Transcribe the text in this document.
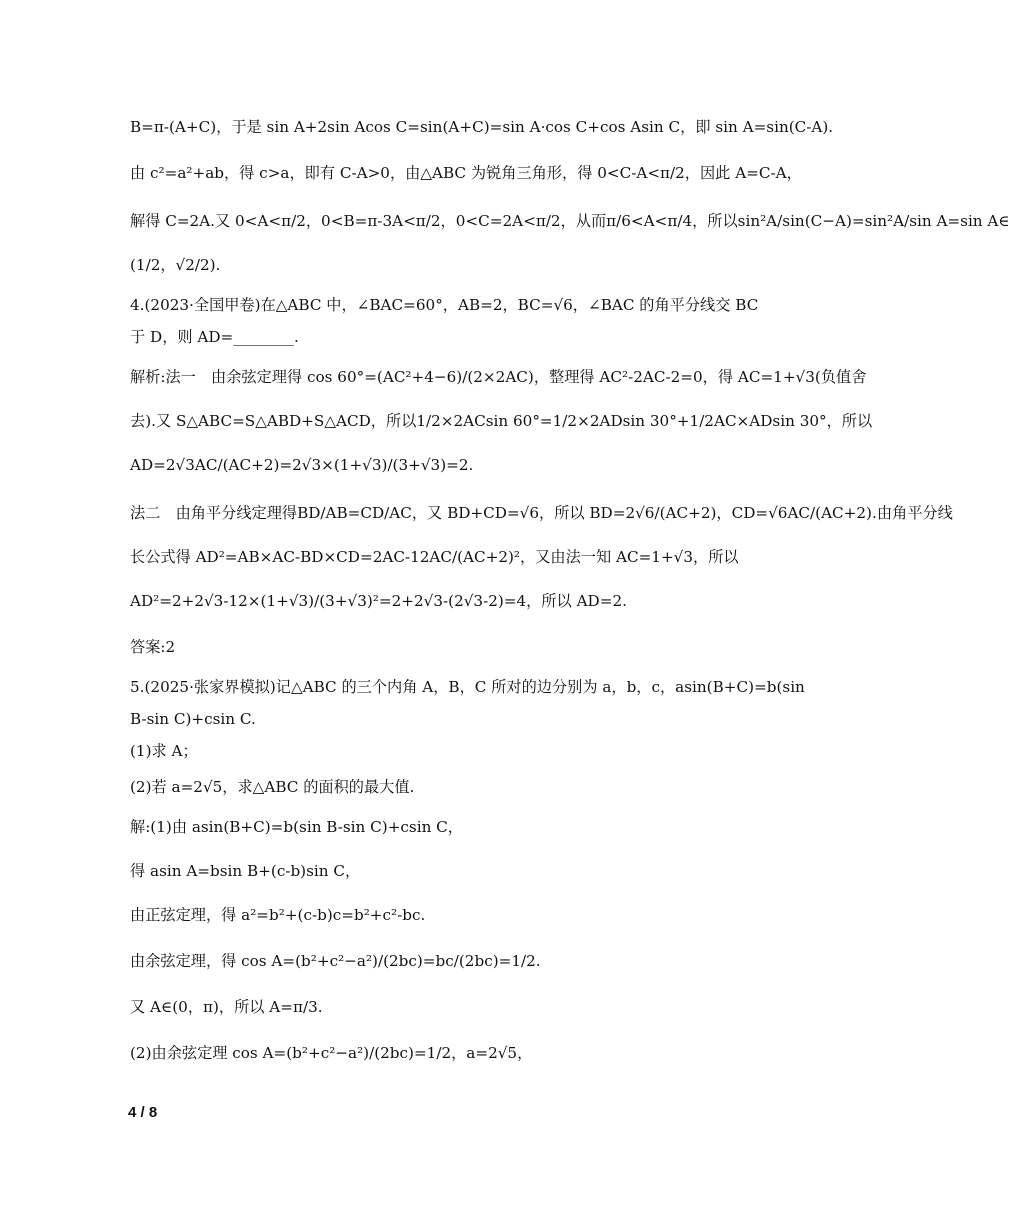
B=π-(A+C)，于是 sin A+2sin Acos C=sin(A+C)=sin A·cos C+cos Asin C，即 sin A=sin(C-A).
由 c²=a²+ab，得 c>a，即有 C-A>0，由△ABC 为锐角三角形，得 0<C-A<π/2，因此 A=C-A，
解得 C=2A.又 0<A<π/2，0<B=π-3A<π/2，0<C=2A<π/2，从而π/6<A<π/4，所以sin²A/sin(C−A)=sin²A/sin A=sin A∈
(1/2，√2/2).
4.(2023·全国甲卷)在△ABC 中，∠BAC=60°，AB=2，BC=√6，∠BAC 的角平分线交 BC
于 D，则 AD=________.
解析:法一　由余弦定理得 cos 60°=(AC²+4−6)/(2×2AC)，整理得 AC²-2AC-2=0，得 AC=1+√3(负值舍
去).又 S△ABC=S△ABD+S△ACD，所以1/2×2ACsin 60°=1/2×2ADsin 30°+1/2AC×ADsin 30°，所以
AD=2√3AC/(AC+2)=2√3×(1+√3)/(3+√3)=2.
法二　由角平分线定理得BD/AB=CD/AC，又 BD+CD=√6，所以 BD=2√6/(AC+2)，CD=√6AC/(AC+2).由角平分线
长公式得 AD²=AB×AC-BD×CD=2AC-12AC/(AC+2)²，又由法一知 AC=1+√3，所以
AD²=2+2√3-12×(1+√3)/(3+√3)²=2+2√3-(2√3-2)=4，所以 AD=2.
答案:2
5.(2025·张家界模拟)记△ABC 的三个内角 A，B，C 所对的边分别为 a，b，c，asin(B+C)=b(sin
B-sin C)+csin C.
(1)求 A；
(2)若 a=2√5，求△ABC 的面积的最大值.
解:(1)由 asin(B+C)=b(sin B-sin C)+csin C，
得 asin A=bsin B+(c-b)sin C，
由正弦定理，得 a²=b²+(c-b)c=b²+c²-bc.
由余弦定理，得 cos A=(b²+c²−a²)/(2bc)=bc/(2bc)=1/2.
又 A∈(0，π)，所以 A=π/3.
(2)由余弦定理 cos A=(b²+c²−a²)/(2bc)=1/2，a=2√5，
4 / 8
